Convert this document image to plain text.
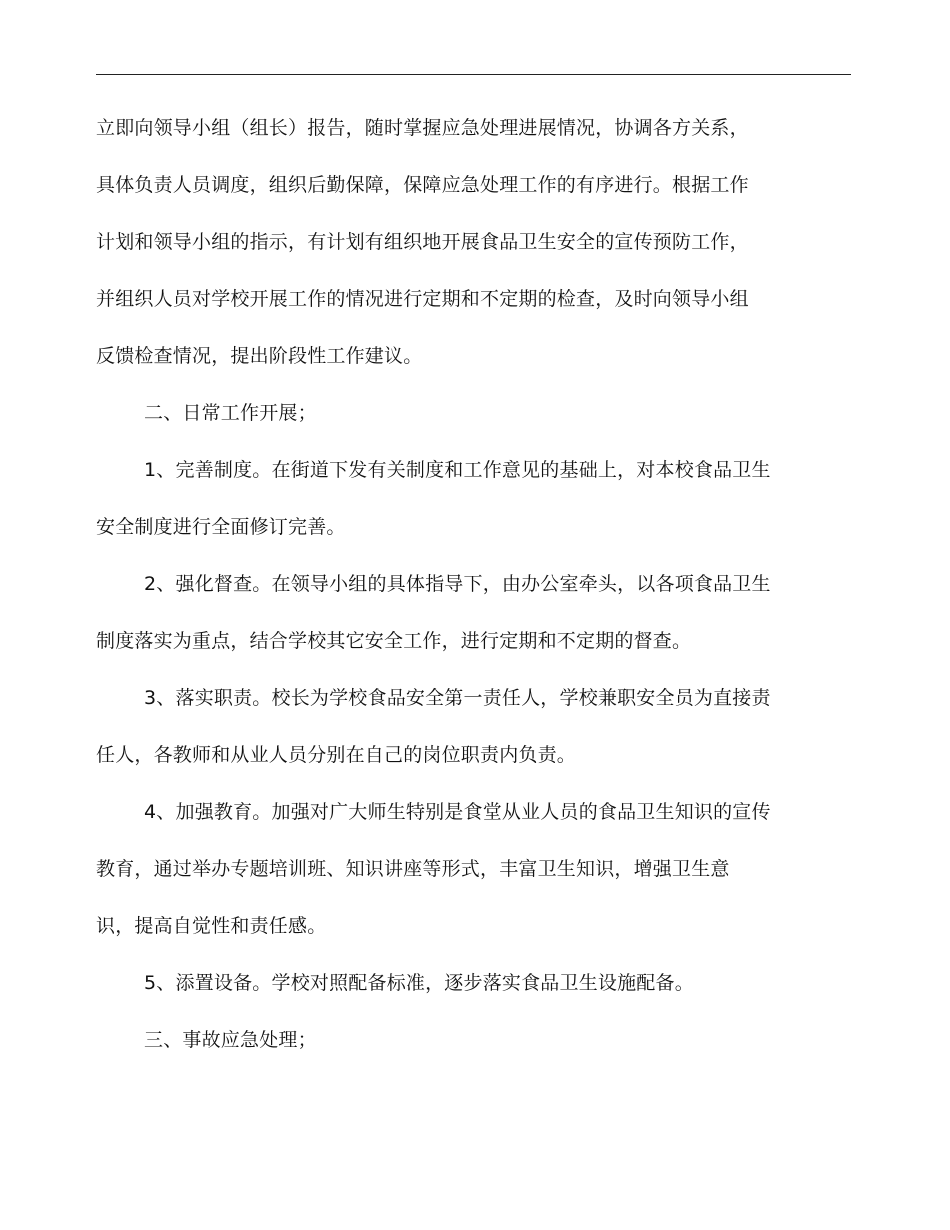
立即向领导小组（组长）报告，随时掌握应急处理进展情况，协调各方关系，
具体负责人员调度，组织后勤保障，保障应急处理工作的有序进行。根据工作
计划和领导小组的指示，有计划有组织地开展食品卫生安全的宣传预防工作，
并组织人员对学校开展工作的情况进行定期和不定期的检查，及时向领导小组
反馈检查情况，提出阶段性工作建议。
二、日常工作开展；
1、完善制度。在街道下发有关制度和工作意见的基础上，对本校食品卫生
安全制度进行全面修订完善。
2、强化督查。在领导小组的具体指导下，由办公室牵头，以各项食品卫生
制度落实为重点，结合学校其它安全工作，进行定期和不定期的督查。
3、落实职责。校长为学校食品安全第一责任人，学校兼职安全员为直接责
任人，各教师和从业人员分别在自己的岗位职责内负责。
4、加强教育。加强对广大师生特别是食堂从业人员的食品卫生知识的宣传
教育，通过举办专题培训班、知识讲座等形式，丰富卫生知识，增强卫生意
识，提高自觉性和责任感。
5、添置设备。学校对照配备标准，逐步落实食品卫生设施配备。
三、事故应急处理；
